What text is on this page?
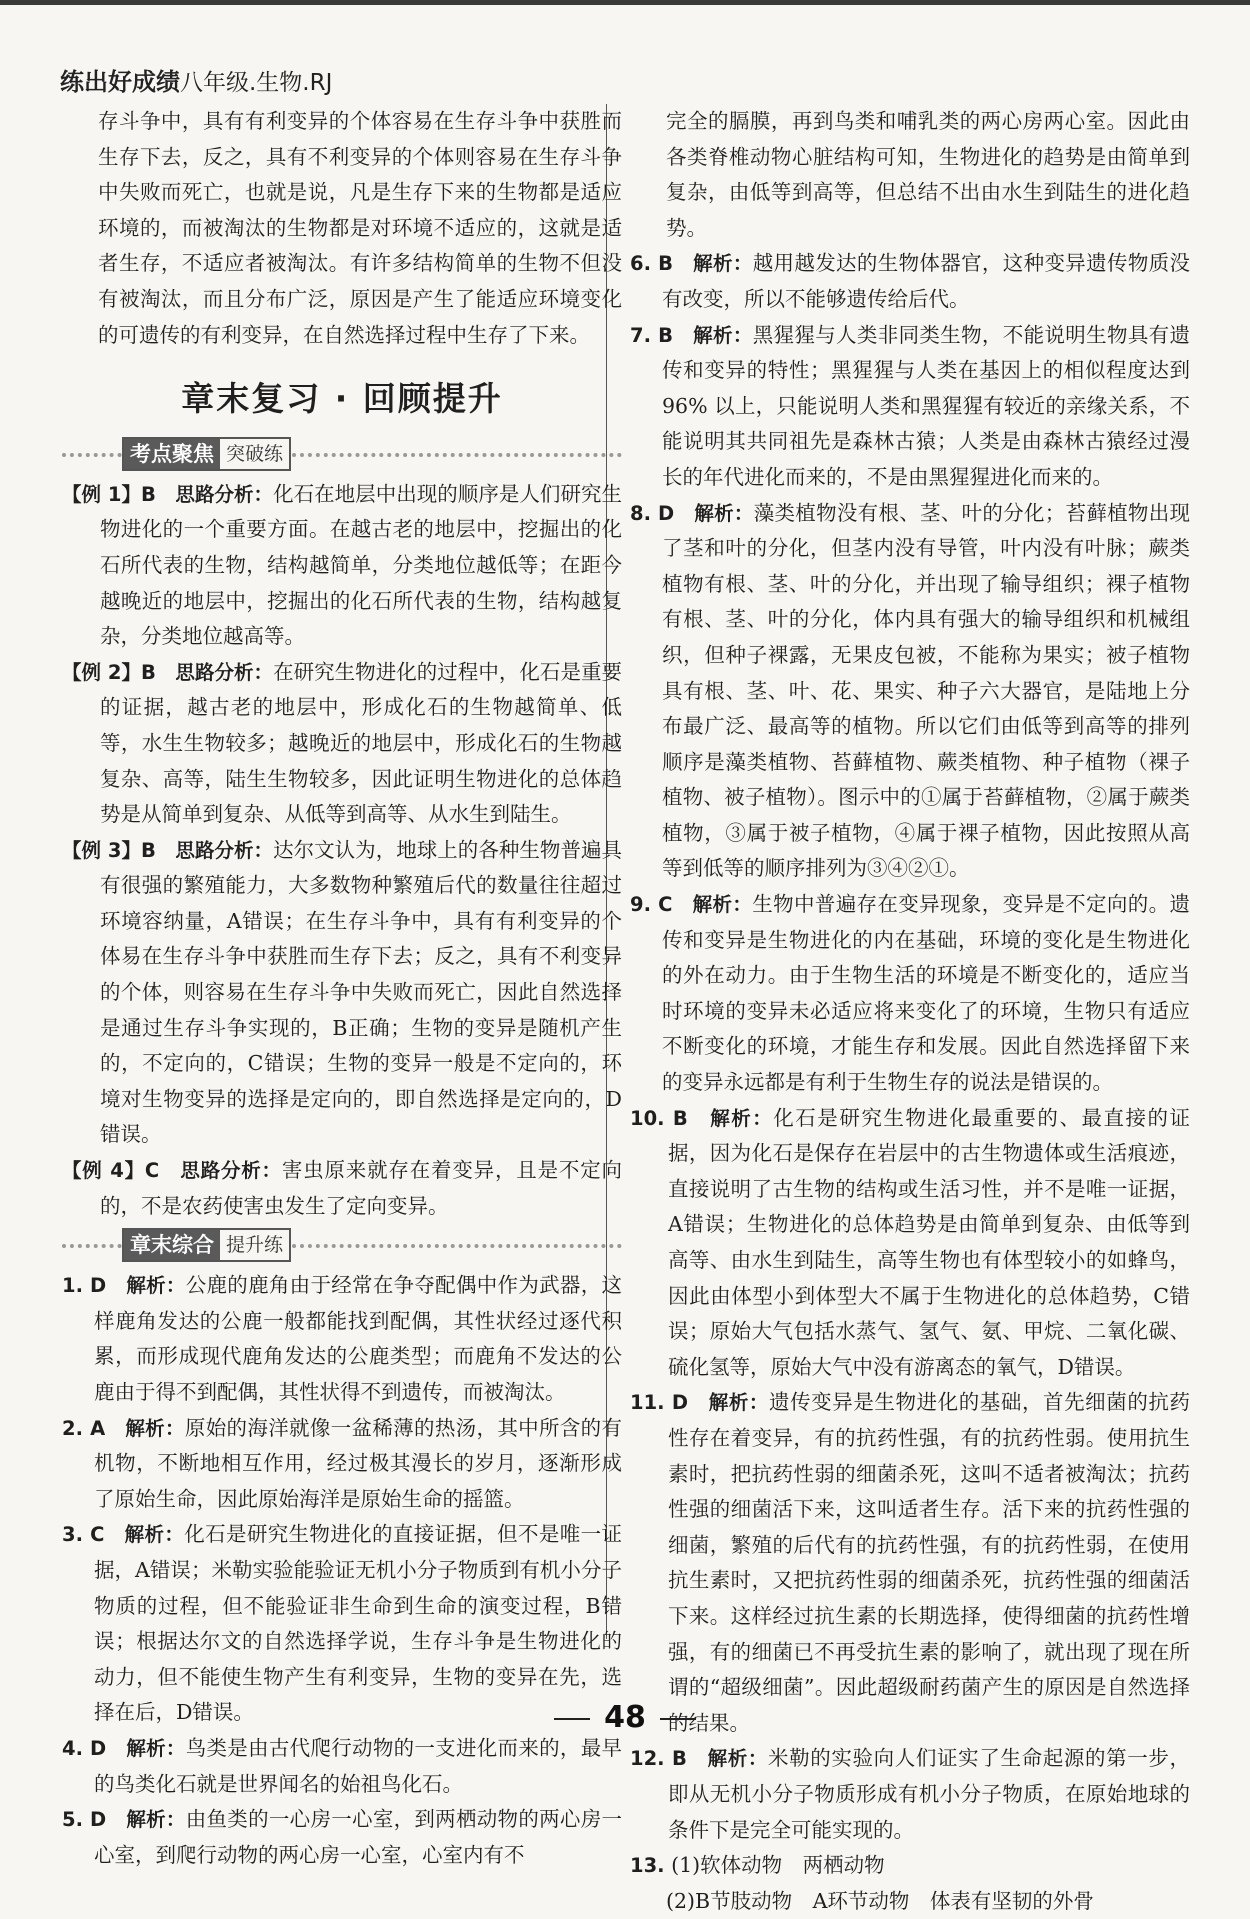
练出好成绩八年级.生物.RJ

存斗争中，具有有利变异的个体容易在生存斗争中获胜而生存下去，反之，具有不利变异的个体则容易在生存斗争中失败而死亡，也就是说，凡是生存下来的生物都是适应环境的，而被淘汰的生物都是对环境不适应的，这就是适者生存，不适应者被淘汰。有许多结构简单的生物不但没有被淘汰，而且分布广泛，原因是产生了能适应环境变化的可遗传的有利变异，在自然选择过程中生存了下来。

章末复习 · 回顾提升
考点聚焦 突破练

【例 1】B　思路分析：化石在地层中出现的顺序是人们研究生物进化的一个重要方面。在越古老的地层中，挖掘出的化石所代表的生物，结构越简单，分类地位越低等；在距今越晚近的地层中，挖掘出的化石所代表的生物，结构越复杂，分类地位越高等。

【例 2】B　思路分析：在研究生物进化的过程中，化石是重要的证据，越古老的地层中，形成化石的生物越简单、低等，水生生物较多；越晚近的地层中，形成化石的生物越复杂、高等，陆生生物较多，因此证明生物进化的总体趋势是从简单到复杂、从低等到高等、从水生到陆生。

【例 3】B　思路分析：达尔文认为，地球上的各种生物普遍具有很强的繁殖能力，大多数物种繁殖后代的数量往往超过环境容纳量，A错误；在生存斗争中，具有有利变异的个体易在生存斗争中获胜而生存下去；反之，具有不利变异的个体，则容易在生存斗争中失败而死亡，因此自然选择是通过生存斗争实现的，B正确；生物的变异是随机产生的，不定向的，C错误；生物的变异一般是不定向的，环境对生物变异的选择是定向的，即自然选择是定向的，D错误。

【例 4】C　思路分析：害虫原来就存在着变异，且是不定向的，不是农药使害虫发生了定向变异。

章末综合 提升练

1. D　解析：公鹿的鹿角由于经常在争夺配偶中作为武器，这样鹿角发达的公鹿一般都能找到配偶，其性状经过逐代积累，而形成现代鹿角发达的公鹿类型；而鹿角不发达的公鹿由于得不到配偶，其性状得不到遗传，而被淘汰。

2. A　解析：原始的海洋就像一盆稀薄的热汤，其中所含的有机物，不断地相互作用，经过极其漫长的岁月，逐渐形成了原始生命，因此原始海洋是原始生命的摇篮。

3. C　解析：化石是研究生物进化的直接证据，但不是唯一证据，A错误；米勒实验能验证无机小分子物质到有机小分子物质的过程，但不能验证非生命到生命的演变过程，B错误；根据达尔文的自然选择学说，生存斗争是生物进化的动力，但不能使生物产生有利变异，生物的变异在先，选择在后，D错误。

4. D　解析：鸟类是由古代爬行动物的一支进化而来的，最早的鸟类化石就是世界闻名的始祖鸟化石。

5. D　解析：由鱼类的一心房一心室，到两栖动物的两心房一心室，到爬行动物的两心房一心室，心室内有不

完全的膈膜，再到鸟类和哺乳类的两心房两心室。因此由各类脊椎动物心脏结构可知，生物进化的趋势是由简单到复杂，由低等到高等，但总结不出由水生到陆生的进化趋势。

6. B　解析：越用越发达的生物体器官，这种变异遗传物质没有改变，所以不能够遗传给后代。

7. B　解析：黑猩猩与人类非同类生物，不能说明生物具有遗传和变异的特性；黑猩猩与人类在基因上的相似程度达到 96% 以上，只能说明人类和黑猩猩有较近的亲缘关系，不能说明其共同祖先是森林古猿；人类是由森林古猿经过漫长的年代进化而来的，不是由黑猩猩进化而来的。

8. D　解析：藻类植物没有根、茎、叶的分化；苔藓植物出现了茎和叶的分化，但茎内没有导管，叶内没有叶脉；蕨类植物有根、茎、叶的分化，并出现了输导组织；裸子植物有根、茎、叶的分化，体内具有强大的输导组织和机械组织，但种子裸露，无果皮包被，不能称为果实；被子植物具有根、茎、叶、花、果实、种子六大器官，是陆地上分布最广泛、最高等的植物。所以它们由低等到高等的排列顺序是藻类植物、苔藓植物、蕨类植物、种子植物（裸子植物、被子植物）。图示中的①属于苔藓植物，②属于蕨类植物，③属于被子植物，④属于裸子植物，因此按照从高等到低等的顺序排列为③④②①。

9. C　解析：生物中普遍存在变异现象，变异是不定向的。遗传和变异是生物进化的内在基础，环境的变化是生物进化的外在动力。由于生物生活的环境是不断变化的，适应当时环境的变异未必适应将来变化了的环境，生物只有适应不断变化的环境，才能生存和发展。因此自然选择留下来的变异永远都是有利于生物生存的说法是错误的。

10. B　解析：化石是研究生物进化最重要的、最直接的证据，因为化石是保存在岩层中的古生物遗体或生活痕迹，直接说明了古生物的结构或生活习性，并不是唯一证据，A错误；生物进化的总体趋势是由简单到复杂、由低等到高等、由水生到陆生，高等生物也有体型较小的如蜂鸟，因此由体型小到体型大不属于生物进化的总体趋势，C错误；原始大气包括水蒸气、氢气、氨、甲烷、二氧化碳、硫化氢等，原始大气中没有游离态的氧气，D错误。

11. D　解析：遗传变异是生物进化的基础，首先细菌的抗药性存在着变异，有的抗药性强，有的抗药性弱。使用抗生素时，把抗药性弱的细菌杀死，这叫不适者被淘汰；抗药性强的细菌活下来，这叫适者生存。活下来的抗药性强的细菌，繁殖的后代有的抗药性强，有的抗药性弱，在使用抗生素时，又把抗药性弱的细菌杀死，抗药性强的细菌活下来。这样经过抗生素的长期选择，使得细菌的抗药性增强，有的细菌已不再受抗生素的影响了，就出现了现在所谓的“超级细菌”。因此超级耐药菌产生的原因是自然选择的结果。

12. B　解析：米勒的实验向人们证实了生命起源的第一步，即从无机小分子物质形成有机小分子物质，在原始地球的条件下是完全可能实现的。

13. (1)软体动物　两栖动物

(2)B节肢动物　A环节动物　体表有坚韧的外骨

48
